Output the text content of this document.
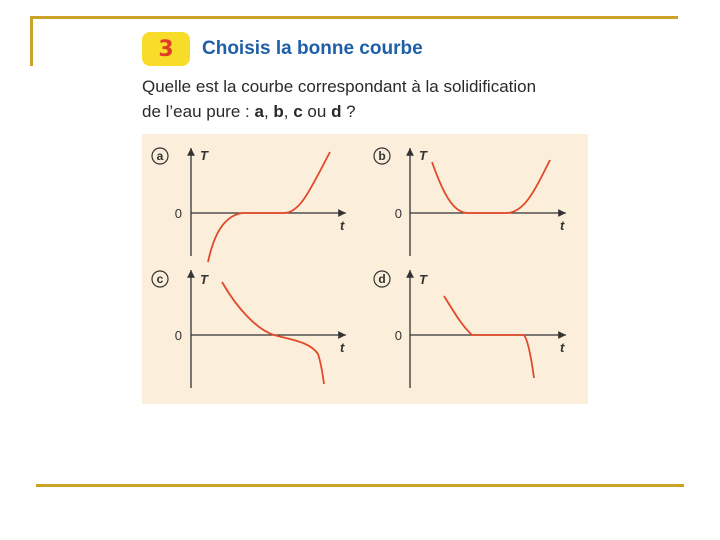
3	Choisis la bonne courbe
Quelle est la courbe correspondant à la solidification
de l’eau pure : a, b, c ou d ?
a	T
t
0
b	T
t
0
c	T
t
0
d	T
t
0
